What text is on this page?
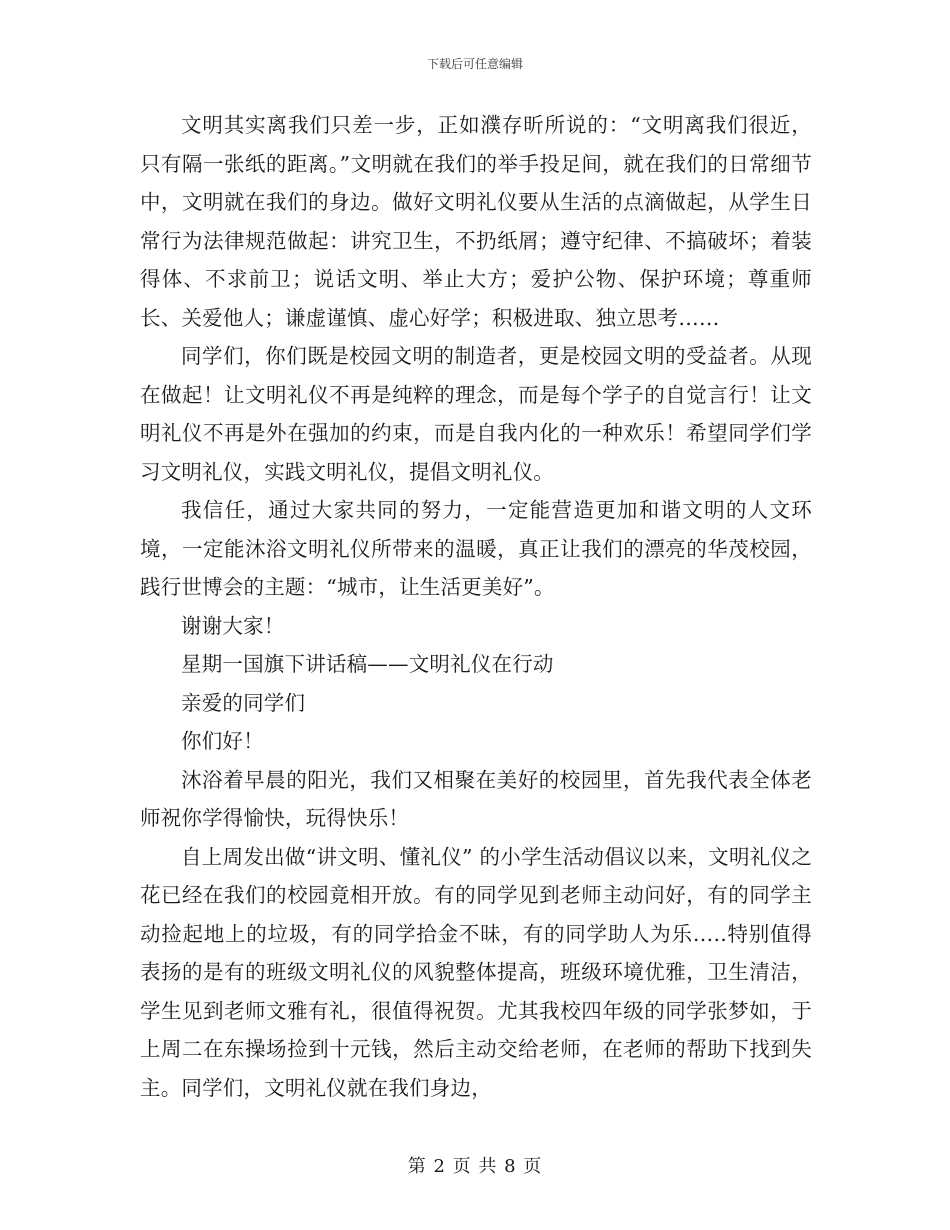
下载后可任意编辑

文明其实离我们只差一步，正如濮存昕所说的：“文明离我们很近，只有隔一张纸的距离。”文明就在我们的举手投足间，就在我们的日常细节中，文明就在我们的身边。做好文明礼仪要从生活的点滴做起，从学生日常行为法律规范做起：讲究卫生，不扔纸屑；遵守纪律、不搞破坏；着装得体、不求前卫；说话文明、举止大方；爱护公物、保护环境；尊重师长、关爱他人；谦虚谨慎、虚心好学；积极进取、独立思考……

同学们，你们既是校园文明的制造者，更是校园文明的受益者。从现在做起！让文明礼仪不再是纯粹的理念，而是每个学子的自觉言行！让文明礼仪不再是外在强加的约束，而是自我内化的一种欢乐！希望同学们学习文明礼仪，实践文明礼仪，提倡文明礼仪。

我信任，通过大家共同的努力，一定能营造更加和谐文明的人文环境，一定能沐浴文明礼仪所带来的温暖，真正让我们的漂亮的华茂校园，践行世博会的主题：“城市，让生活更美好”。

谢谢大家！

星期一国旗下讲话稿——文明礼仪在行动

亲爱的同学们

你们好！

沐浴着早晨的阳光，我们又相聚在美好的校园里，首先我代表全体老师祝你学得愉快，玩得快乐！

自上周发出做“讲文明、懂礼仪” 的小学生活动倡议以来，文明礼仪之花已经在我们的校园竟相开放。有的同学见到老师主动问好，有的同学主动捡起地上的垃圾，有的同学拾金不昧，有的同学助人为乐…..特别值得表扬的是有的班级文明礼仪的风貌整体提高，班级环境优雅，卫生清洁，学生见到老师文雅有礼，很值得祝贺。尤其我校四年级的同学张梦如，于上周二在东操场捡到十元钱，然后主动交给老师，在老师的帮助下找到失主。同学们，文明礼仪就在我们身边，

第 2 页 共 8 页
